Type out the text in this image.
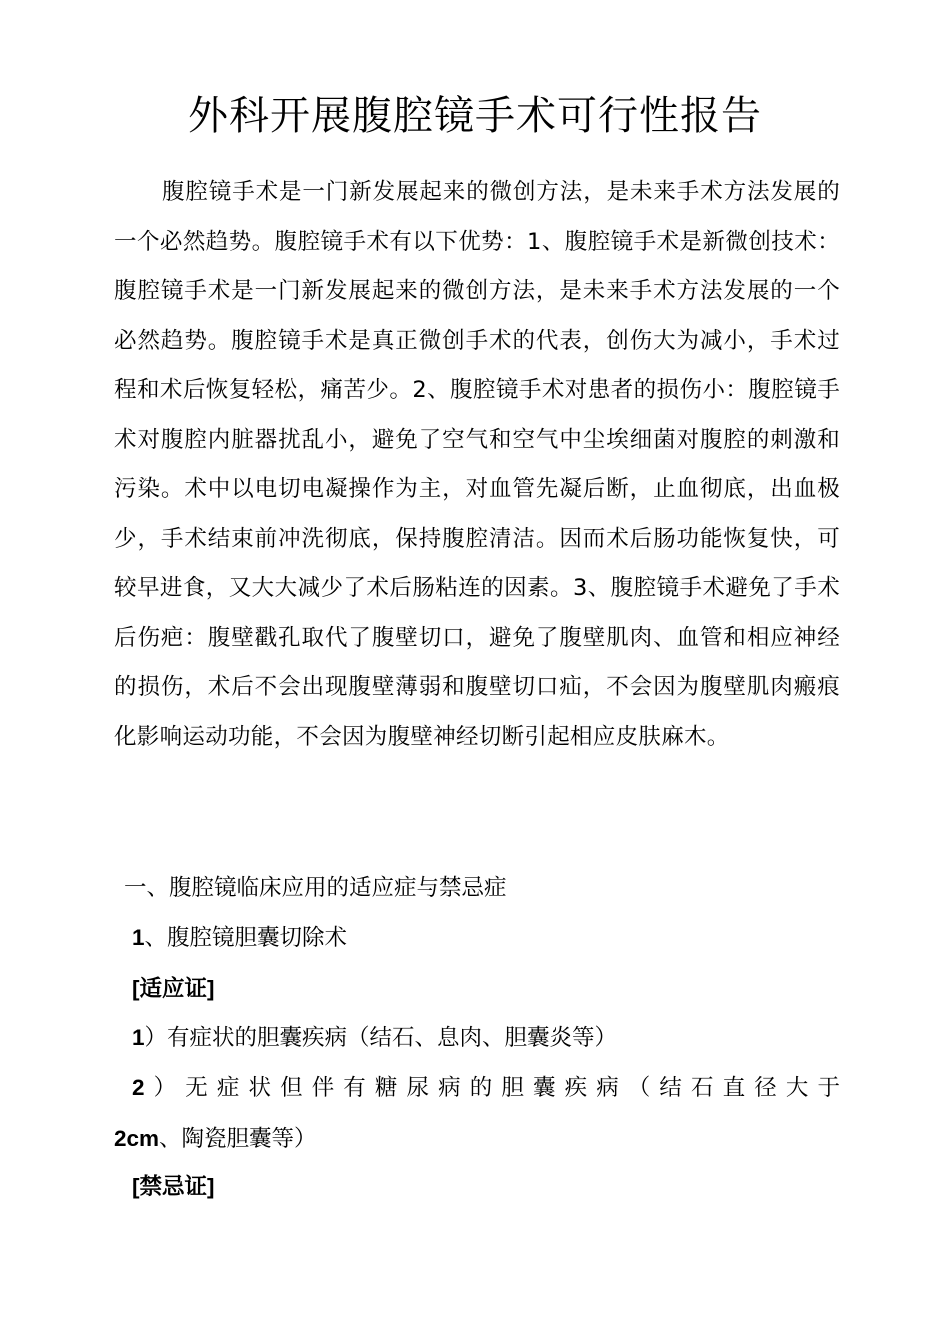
外科开展腹腔镜手术可行性报告

腹腔镜手术是一门新发展起来的微创方法，是未来手术方法发展的一个必然趋势。腹腔镜手术有以下优势：1、腹腔镜手术是新微创技术：腹腔镜手术是一门新发展起来的微创方法，是未来手术方法发展的一个必然趋势。腹腔镜手术是真正微创手术的代表，创伤大为减小，手术过程和术后恢复轻松，痛苦少。2、腹腔镜手术对患者的损伤小：腹腔镜手术对腹腔内脏器扰乱小，避免了空气和空气中尘埃细菌对腹腔的刺激和污染。术中以电切电凝操作为主，对血管先凝后断，止血彻底，出血极少，手术结束前冲洗彻底，保持腹腔清洁。因而术后肠功能恢复快，可较早进食，又大大减少了术后肠粘连的因素。3、腹腔镜手术避免了手术后伤疤：腹壁戳孔取代了腹壁切口，避免了腹壁肌肉、血管和相应神经的损伤，术后不会出现腹壁薄弱和腹壁切口疝，不会因为腹壁肌肉瘢痕化影响运动功能，不会因为腹壁神经切断引起相应皮肤麻木。

一、腹腔镜临床应用的适应症与禁忌症

1、腹腔镜胆囊切除术

[适应证]

1）有症状的胆囊疾病（结石、息肉、胆囊炎等）

2）无症状但伴有糖尿病的胆囊疾病（结石直径大于 2cm、陶瓷胆囊等）

[禁忌证]
